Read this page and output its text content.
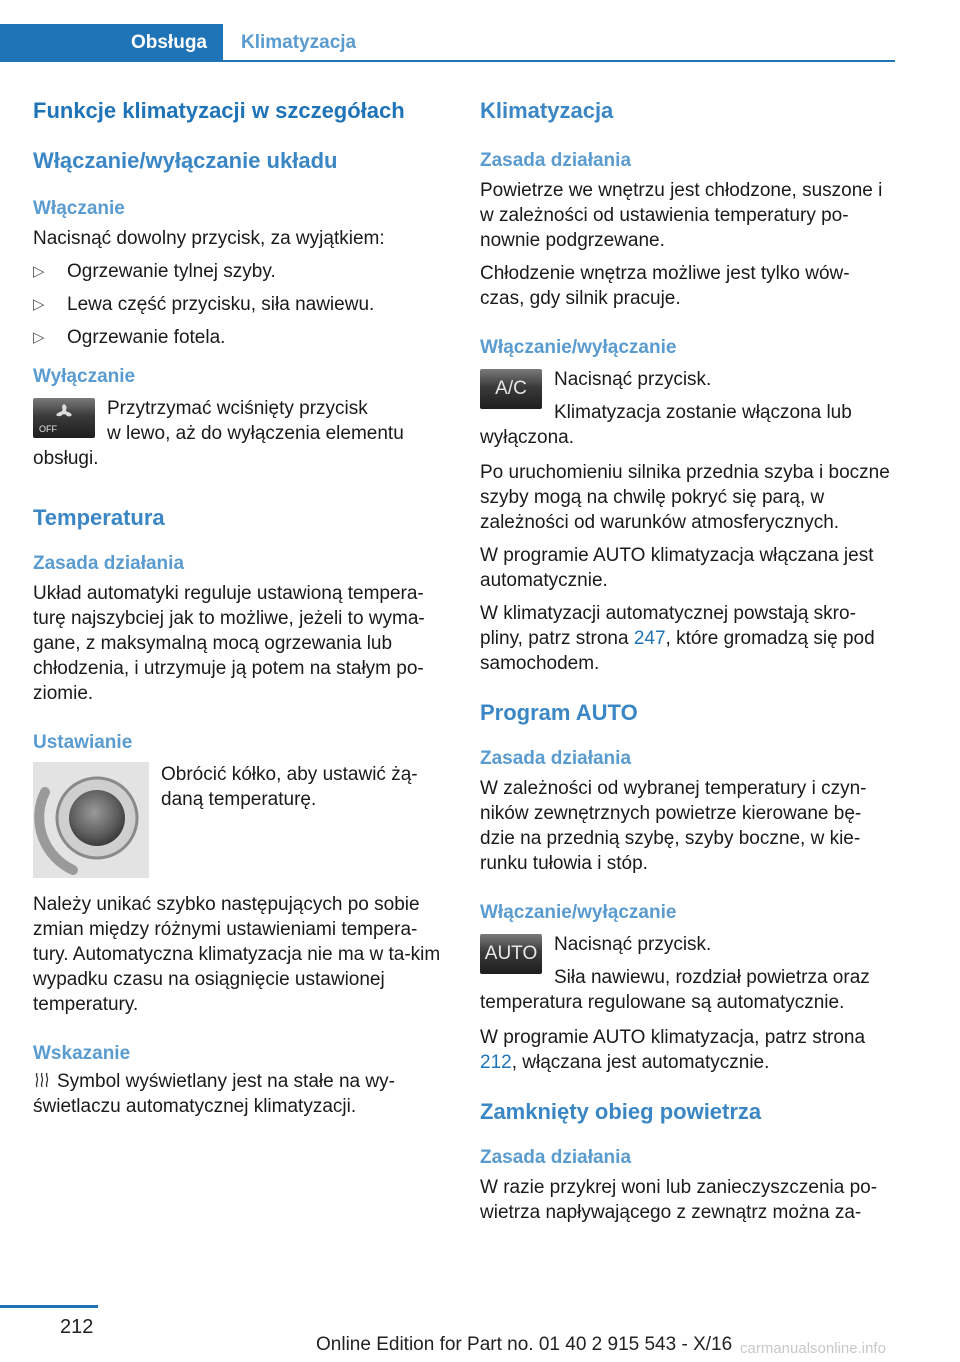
Obsługa	Klimatyzacja
Funkcje klimatyzacji w szczegółach
Włączanie/wyłączanie układu
Włączanie

Nacisnąć dowolny przycisk, za wyjątkiem:

▷ Ogrzewanie tylnej szyby.
▷ Lewa część przycisku, siła nawiewu.
▷ Ogrzewanie fotela.
Wyłączanie
OFF

Przytrzymać wciśnięty przycisk

w lewo, aż do wyłączenia elementu

obsługi.

Temperatura
Zasada działania

Układ automatyki reguluje ustawioną tempera‐turę najszybciej jak to możliwe, jeżeli to wyma‐gane, z maksymalną mocą ogrzewania lub chłodzenia, i utrzymuje ją potem na stałym po‐ziomie.

Ustawianie

Obrócić kółko, aby ustawić żą‐daną temperaturę.

Należy unikać szybko następujących po sobie zmian między różnymi ustawieniami tempera‐tury. Automatyczna klimatyzacja nie ma w ta‐kim wypadku czasu na osiągnięcie ustawionej temperatury.

Wskazanie

Symbol wyświetlany jest na stałe na wy‐świetlaczu automatycznej klimatyzacji.

Klimatyzacja
Zasada działania

Powietrze we wnętrzu jest chłodzone, suszone i w zależności od ustawienia temperatury po‐nownie podgrzewane.

Chłodzenie wnętrza możliwe jest tylko wów‐czas, gdy silnik pracuje.

Włączanie/wyłączanie
A/C	Nacisnąć przycisk.

Klimatyzacja zostanie włączona lub

wyłączona.

Po uruchomieniu silnika przednia szyba i boczne szyby mogą na chwilę pokryć się parą, w zależności od warunków atmosferycznych.

W programie AUTO klimatyzacja włączana jest automatycznie.

W klimatyzacji automatycznej powstają skro‐pliny, patrz strona 247, które gromadzą się pod samochodem.

Program AUTO
Zasada działania

W zależności od wybranej temperatury i czyn‐ników zewnętrznych powietrze kierowane bę‐dzie na przednią szybę, szyby boczne, w kie‐runku tułowia i stóp.

Włączanie/wyłączanie
AUTO Nacisnąć przycisk.

Siła nawiewu, rozdział powietrza oraz

temperatura regulowane są automatycznie.

W programie AUTO klimatyzacja, patrz strona 212, włączana jest automatycznie.

Zamknięty obieg powietrza
Zasada działania

W razie przykrej woni lub zanieczyszczenia po‐wietrza napływającego z zewnątrz można za‐

212
Online Edition for Part no. 01 40 2 915 543 - X/16 carmanualsonline.info
